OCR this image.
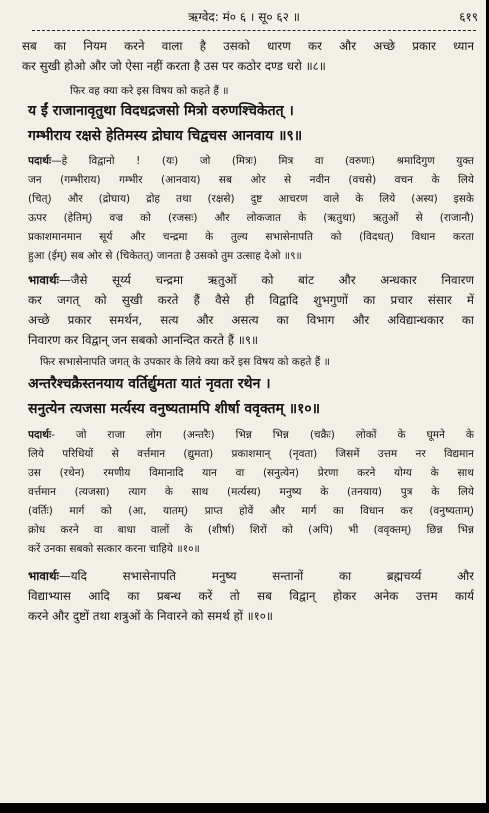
ऋग्वेद: मं० ६ । सू० ६२ ॥	६१९
सब का नियम करने वाला है उसको धारण कर और अच्छे प्रकार ध्यान
कर सुखी होओ और जो ऐसा नहीं करता है उस पर कठोर दण्ड धरो ॥८॥
फिर वह क्या करे इस विषय को कहते हैं ॥
य ईं राजानावृतुथा विदधद्रजसो मित्रो वरुणश्चिकेतत् ।
गम्भीराय रक्षसे हेतिमस्य द्रोघाय चिद्वचस आनवाय ॥९॥
पदार्थः—हे विद्वानो ! (यः) जो (मित्रः) मित्र वा (वरुणः) श्रमादिगुण युक्त
जन (गम्भीराय) गम्भीर (आनवाय) सब ओर से नवीन (वचसे) वचन के लिये
(चित्) और (द्रोघाय) द्रोह तथा (रक्षसे) दुष्ट आचरण वाले के लिये (अस्य) इसके
ऊपर (हेतिम्) वज्र को (रजसः) और लोकजात के (ऋतुथा) ऋतुओं से (राजानौ)
प्रकाशमानमान सूर्य और चन्द्रमा के तुल्य सभासेनापति को (विदधत्) विधान करता
हुआ (ईम्) सब ओर से (चिकेतत्) जानता है उसको तुम उत्साह देओ ॥९॥
भावार्थः—जैसे सूर्य्य चन्द्रमा ऋतुओं को बांट और अन्धकार निवारण
कर जगत् को सुखी करते हैं वैसे ही विद्वादि शुभगुणों का प्रचार संसार में
अच्छे प्रकार समर्थन, सत्य और असत्य का विभाग और अविद्यान्धकार का
निवारण कर विद्वान् जन सबको आनन्दित करते हैं ॥९॥
फिर सभासेनापति जगत् के उपकार के लिये क्या करें इस विषय को कहते हैं ॥
अन्तरैश्चक्रैस्तनयाय वर्तिर्द्युमता यातं नृवता रथेन ।
सनुत्येन त्यजसा मर्त्यस्य वनुष्यतामपि शीर्षा ववृक्तम् ॥१०॥
पदार्थः- जो राजा लोग (अन्तरैः) भिन्न भिन्न (चक्रैः) लोकों के घूमने के
लिये परिधियों से वर्त्तमान (द्युमता) प्रकाशमान् (नृवता) जिसमें उत्तम नर विद्यमान
उस (रथेन) रमणीय विमानादि यान वा (सनुत्येन) प्रेरणा करने योग्य के साथ
वर्त्तमान (त्यजसा) त्याग के साथ (मर्त्यस्य) मनुष्य के (तनयाय) पुत्र के लिये
(वर्तिः) मार्ग को (आ, यातम्) प्राप्त होवें और मार्ग का विधान कर (वनुष्यताम्)
क्रोध करने वा बाधा वालों के (शीर्षा) शिरों को (अपि) भी (ववृक्तम्) छिन्न भिन्न
करें उनका सबको सत्कार करना चाहिये ॥१०॥
भावार्थः—यदि सभासेनापति मनुष्य सन्तानों का ब्रह्मचर्य्य और
विद्याभ्यास आदि का प्रबन्ध करें तो सब विद्वान् होकर अनेक उत्तम कार्य
करने और दुष्टों तथा शत्रुओं के निवारने को समर्थ हों ॥१०॥
